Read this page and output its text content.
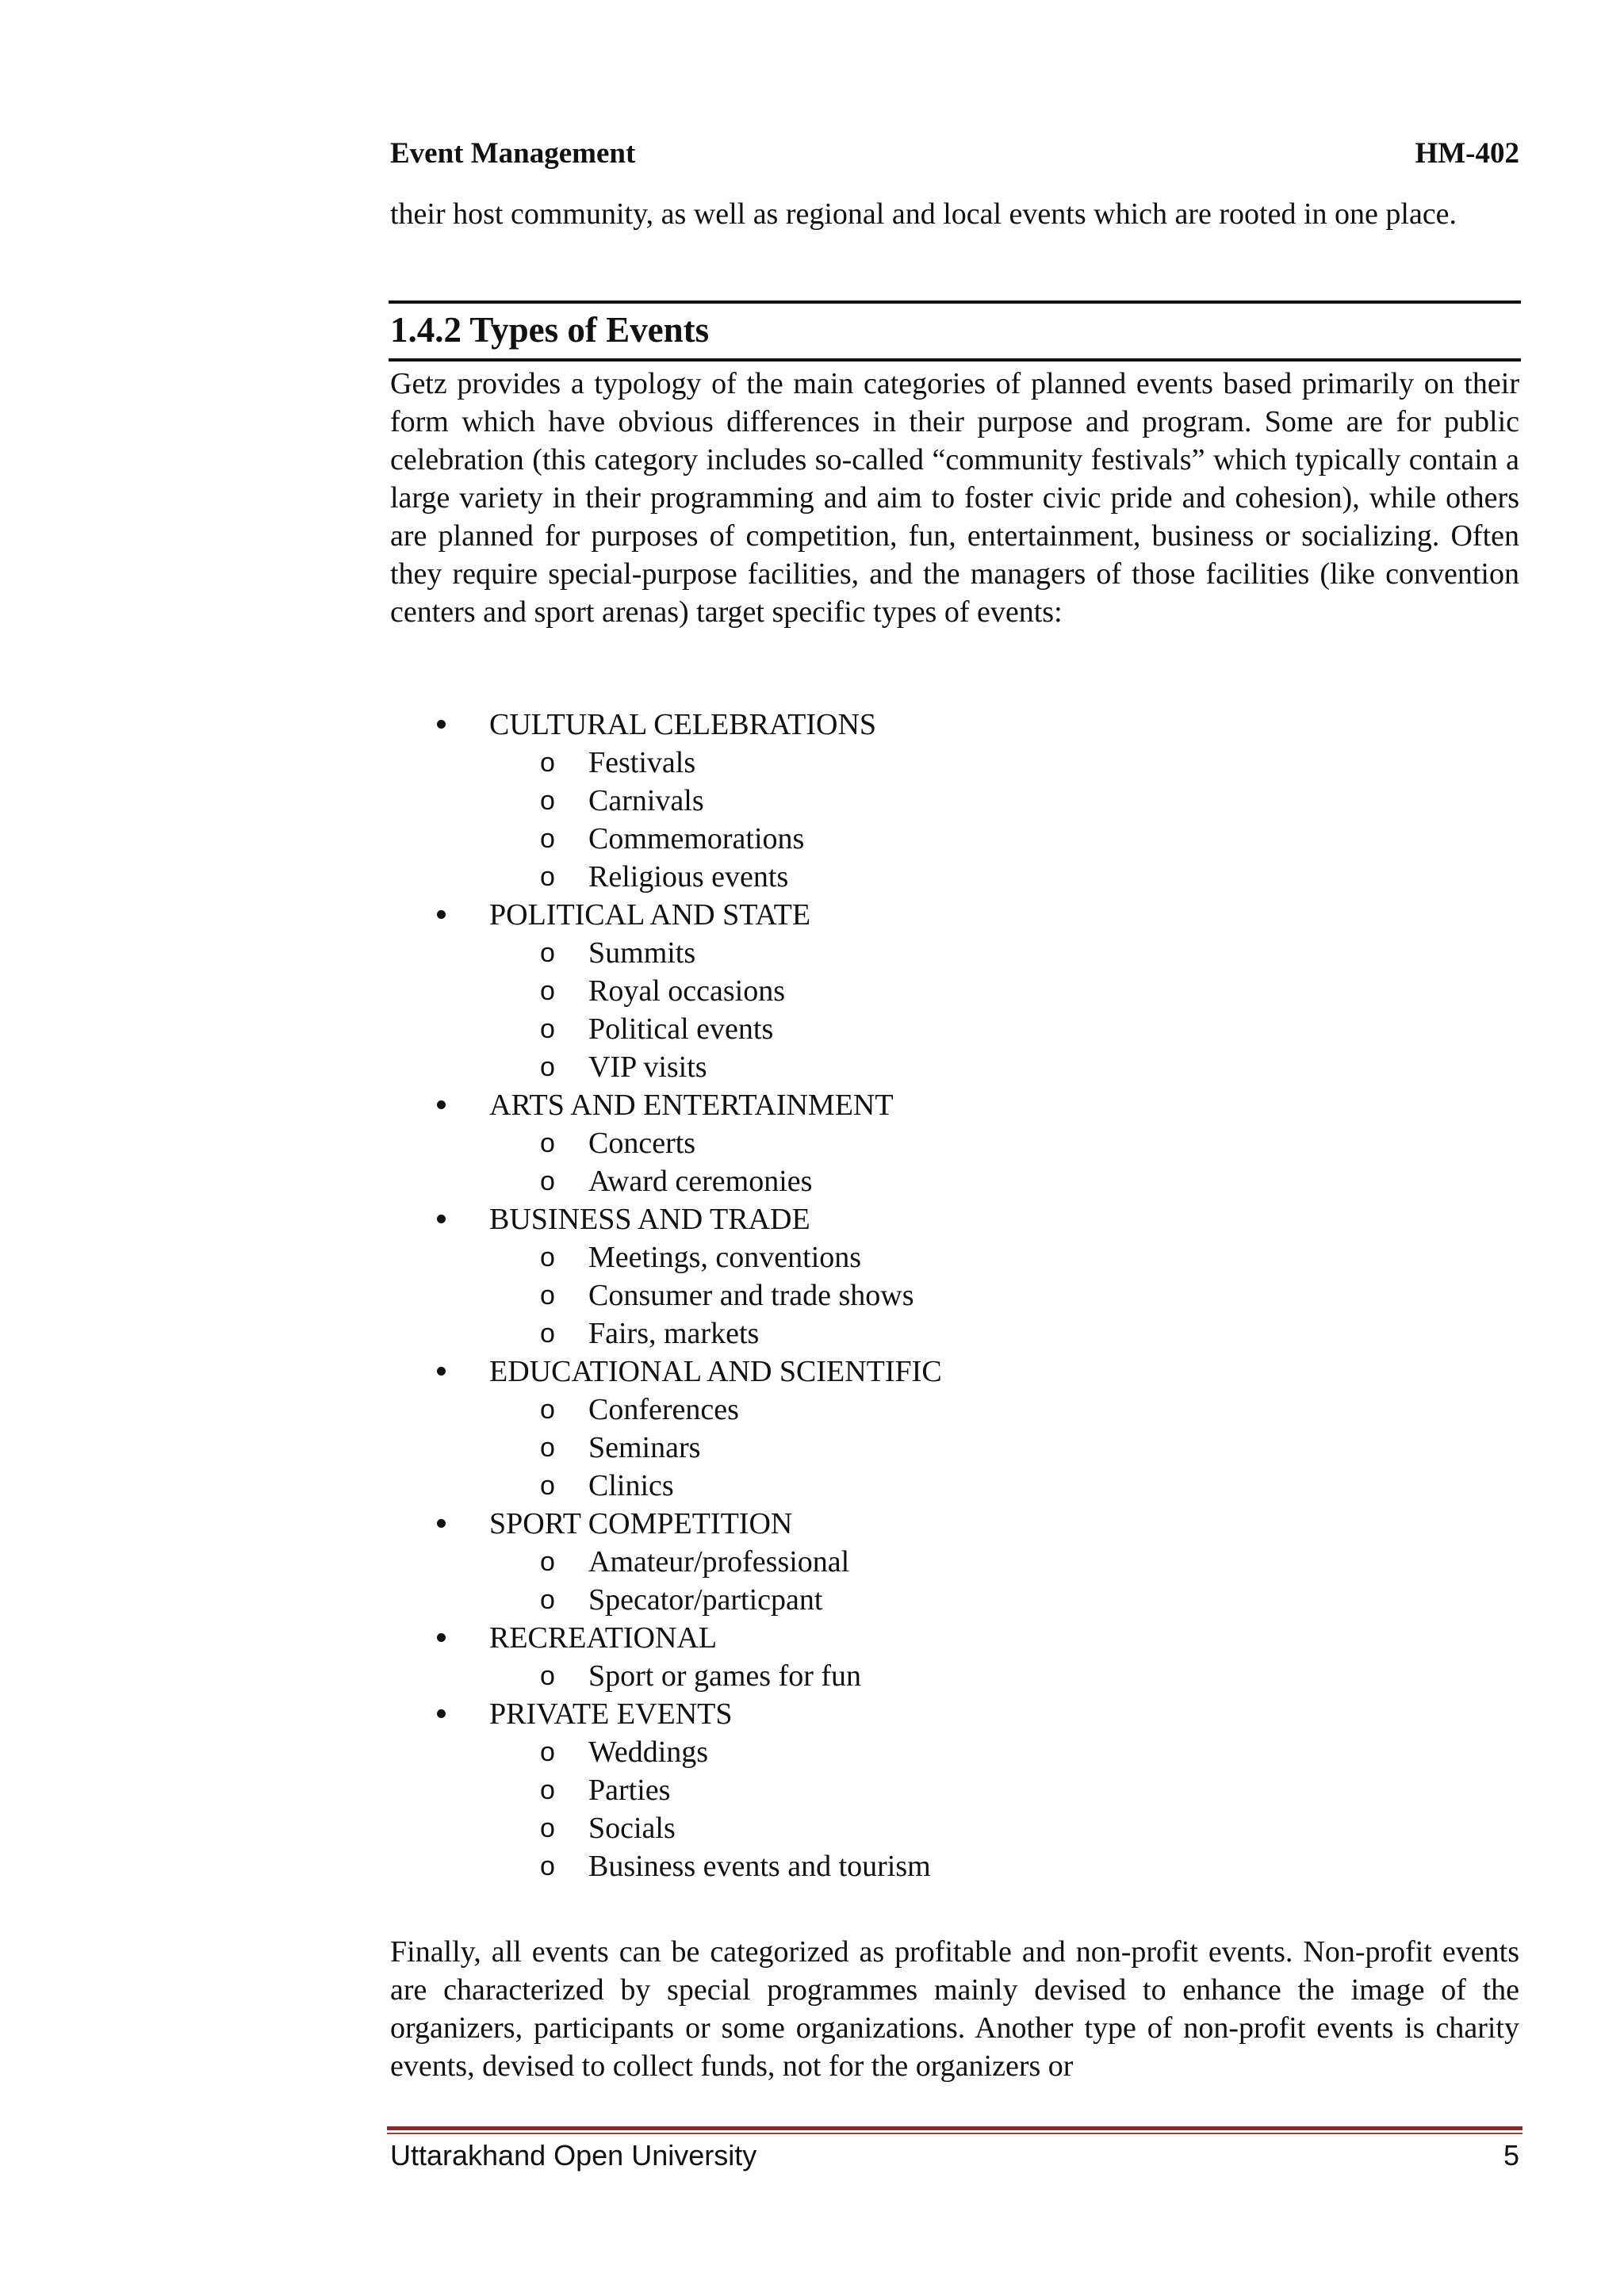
Event Management	HM-402

their host community, as well as regional and local events which are rooted in one place.

1.4.2 Types of Events

Getz provides a typology of the main categories of planned events based primarily on their form which have obvious differences in their purpose and program. Some are for public celebration (this category includes so-called “community festivals” which typically contain a large variety in their programming and aim to foster civic pride and cohesion), while others are planned for purposes of competition, fun, entertainment, business or socializing. Often they require special-purpose facilities, and the managers of those facilities (like convention centers and sport arenas) target specific types of events:

CULTURAL CELEBRATIONS
o Festivals
o Carnivals
o Commemorations
o Religious events
POLITICAL AND STATE
o Summits
o Royal occasions
o Political events
o VIP visits
ARTS AND ENTERTAINMENT
o Concerts
o Award ceremonies
BUSINESS AND TRADE
o Meetings, conventions
o Consumer and trade shows
o Fairs, markets
EDUCATIONAL AND SCIENTIFIC
o Conferences
o Seminars
o Clinics
SPORT COMPETITION
o Amateur/professional
o Specator/particpant
RECREATIONAL
o Sport or games for fun
PRIVATE EVENTS
o Weddings
o Parties
o Socials
o Business events and tourism

Finally, all events can be categorized as profitable and non-profit events. Non-profit events are characterized by special programmes mainly devised to enhance the image of the organizers, participants or some organizations. Another type of non-profit events is charity events, devised to collect funds, not for the organizers or

Uttarakhand Open University	5
